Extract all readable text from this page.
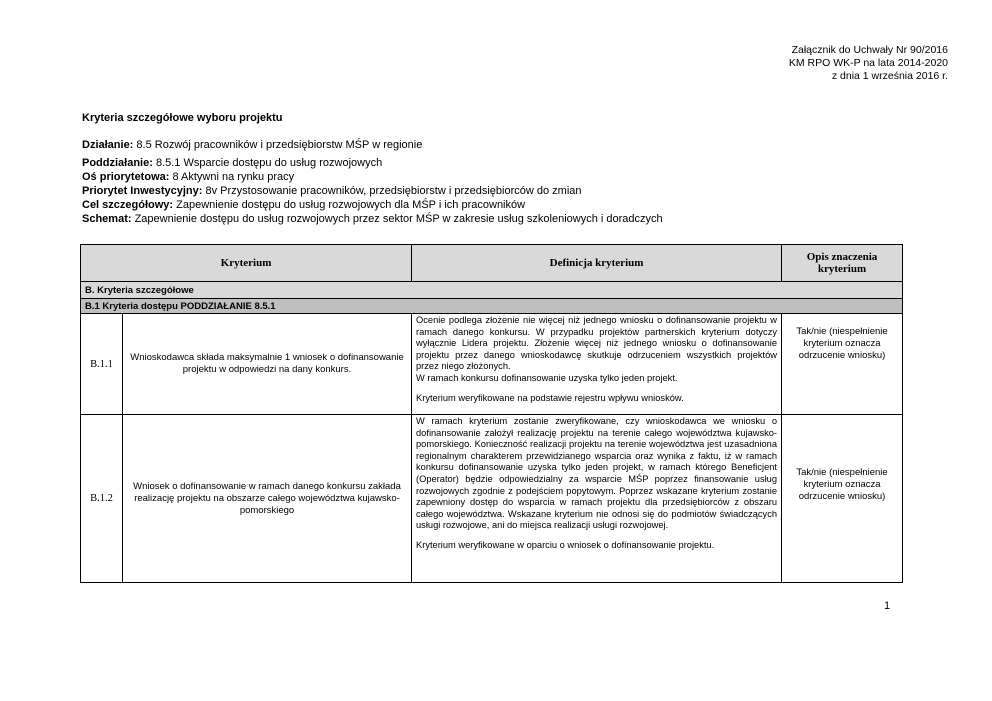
Załącznik do Uchwały Nr 90/2016
KM RPO WK-P na lata 2014-2020
z dnia 1 września 2016 r.
Kryteria szczegółowe wyboru projektu
Działanie: 8.5 Rozwój pracowników i przedsiębiorstw MŚP w regionie
Poddziałanie: 8.5.1 Wsparcie dostępu do usług rozwojowych
Oś priorytetowa: 8 Aktywni na rynku pracy
Priorytet Inwestycyjny: 8v Przystosowanie pracowników, przedsiębiorstw i przedsiębiorców do zmian
Cel szczegółowy: Zapewnienie dostępu do usług rozwojowych dla MŚP i ich pracowników
Schemat: Zapewnienie dostępu do usług rozwojowych przez sektor MŚP w zakresie usług szkoleniowych i doradczych
Kryterium		Definicja kryterium	Opis znaczenia kryterium
B. Kryteria szczegółowe			
B.1 Kryteria dostępu PODDZIAŁANIE 8.5.1			
B.1.1	Wnioskodawca składa maksymalnie 1 wniosek o dofinansowanie projektu w odpowiedzi na dany konkurs.	Ocenie podlega złożenie nie więcej niż jednego wniosku o dofinansowanie projektu w ramach danego konkursu. W przypadku projektów partnerskich kryterium dotyczy wyłącznie Lidera projektu. Złożenie więcej niż jednego wniosku o dofinansowanie projektu przez danego wnioskodawcę skutkuje odrzuceniem wszystkich projektów przez niego złożonych.

W ramach konkursu dofinansowanie uzyska tylko jeden projekt.

Kryterium weryfikowane na podstawie rejestru wpływu wniosków.	Tak/nie (niespełnienie kryterium oznacza odrzucenie wniosku)
B.1.2	Wniosek o dofinansowanie w ramach danego konkursu zakłada realizację projektu na obszarze całego województwa kujawsko-pomorskiego	W ramach kryterium zostanie zweryfikowane, czy wnioskodawca we wniosku o dofinansowanie założył realizację projektu na terenie całego województwa kujawsko-pomorskiego. Konieczność realizacji projektu na terenie województwa jest uzasadniona regionalnym charakterem przewidzianego wsparcia oraz wynika z faktu, iż w ramach konkursu dofinansowanie uzyska tylko jeden projekt, w ramach którego Beneficjent (Operator) będzie odpowiedzialny za wsparcie MŚP poprzez finansowanie usług rozwojowych zgodnie z podejściem popytowym. Poprzez wskazane kryterium zostanie zapewniony dostęp do wsparcia w ramach projektu dla przedsiębiorców z obszaru całego województwa. Wskazane kryterium nie odnosi się do podmiotów świadczących usługi rozwojowe, ani do miejsca realizacji usługi rozwojowej.

Kryterium weryfikowane w oparciu o wniosek o dofinansowanie projektu.	Tak/nie (niespełnienie kryterium oznacza odrzucenie wniosku)
1
